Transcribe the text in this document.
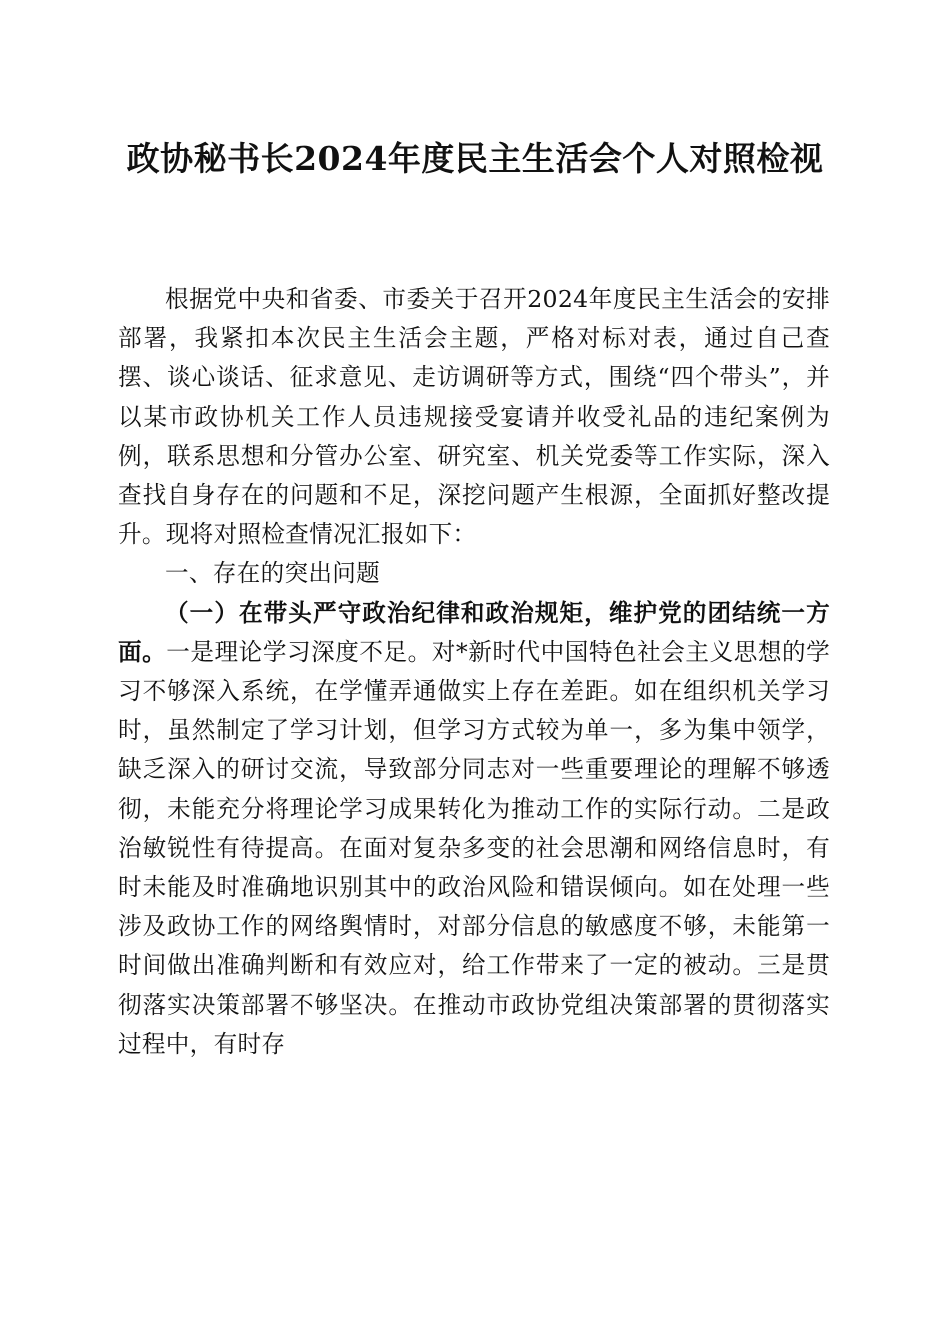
政协秘书长2024年度民主生活会个人对照检视

根据党中央和省委、市委关于召开2024年度民主生活会的安排部署，我紧扣本次民主生活会主题，严格对标对表，通过自己查摆、谈心谈话、征求意见、走访调研等方式，围绕“四个带头”，并以某市政协机关工作人员违规接受宴请并收受礼品的违纪案例为例，联系思想和分管办公室、研究室、机关党委等工作实际，深入查找自身存在的问题和不足，深挖问题产生根源，全面抓好整改提升。现将对照检查情况汇报如下：

一、存在的突出问题

（一）在带头严守政治纪律和政治规矩，维护党的团结统一方面。一是理论学习深度不足。对*新时代中国特色社会主义思想的学习不够深入系统，在学懂弄通做实上存在差距。如在组织机关学习时，虽然制定了学习计划，但学习方式较为单一，多为集中领学，缺乏深入的研讨交流，导致部分同志对一些重要理论的理解不够透彻，未能充分将理论学习成果转化为推动工作的实际行动。二是政治敏锐性有待提高。在面对复杂多变的社会思潮和网络信息时，有时未能及时准确地识别其中的政治风险和错误倾向。如在处理一些涉及政协工作的网络舆情时，对部分信息的敏感度不够，未能第一时间做出准确判断和有效应对，给工作带来了一定的被动。三是贯彻落实决策部署不够坚决。在推动市政协党组决策部署的贯彻落实过程中，有时存
